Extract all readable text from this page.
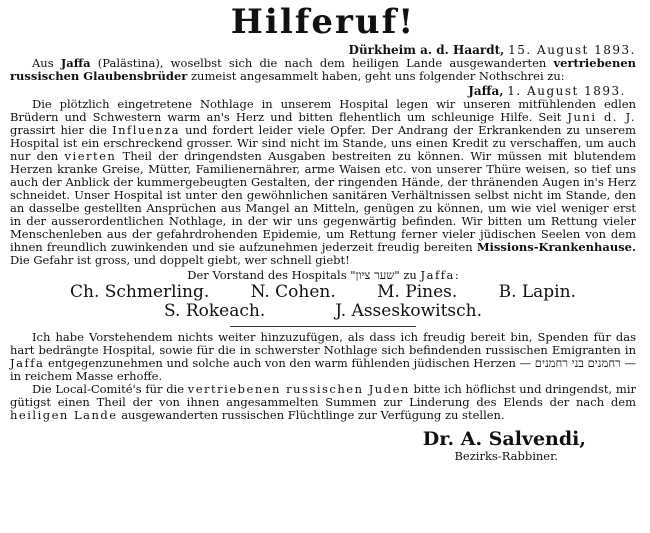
Hilferuf!
Dürkheim a. d. Haardt, 15. August 1893.

Aus Jaffa (Palästina), woselbst sich die nach dem heiligen Lande ausgewanderten vertriebenen russischen Glaubensbrüder zumeist angesammelt haben, geht uns folgender Nothschrei zu:

Jaffa, 1. August 1893.

Die plötzlich eingetretene Nothlage in unserem Hospital legen wir unseren mitfühlenden edlen Brüdern und Schwestern warm an's Herz und bitten flehentlich um schleunige Hilfe. Seit Juni d. J. grassirt hier die Influenza und fordert leider viele Opfer. Der Andrang der Erkrankenden zu unserem Hospital ist ein erschreckend grosser. Wir sind nicht im Stande, uns einen Kredit zu verschaffen, um auch nur den vierten Theil der dringendsten Ausgaben bestreiten zu können. Wir müssen mit blutendem Herzen kranke Greise, Mütter, Familienernährer, arme Waisen etc. von unserer Thüre weisen, so tief uns auch der Anblick der kummergebeugten Gestalten, der ringenden Hände, der thränenden Augen in's Herz schneidet. Unser Hospital ist unter den gewöhnlichen sanitären Verhältnissen selbst nicht im Stande, den an dasselbe gestellten Ansprüchen aus Mangel an Mitteln, genügen zu können, um wie viel weniger erst in der ausserordentlichen Nothlage, in der wir uns gegenwärtig befinden. Wir bitten um Rettung vieler Menschenleben aus der gefahrdrohenden Epidemie, um Rettung ferner vieler jüdischen Seelen von dem ihnen freundlich zuwinkenden und sie aufzunehmen jederzeit freudig bereiten Missions-Krankenhause. Die Gefahr ist gross, und doppelt giebt, wer schnell giebt!

Der Vorstand des Hospitals "שער ציון" zu Jaffa:
Ch. Schmerling. N. Cohen. M. Pines. B. Lapin.
S. Rokeach.	J. Asseskowitsch.

Ich habe Vorstehendem nichts weiter hinzuzufügen, als dass ich freudig bereit bin, Spenden für das hart bedrängte Hospital, sowie für die in schwerster Nothlage sich befindenden russischen Emigranten in Jaffa entgegenzunehmen und solche auch von den warm fühlenden jüdischen Herzen — רחמנים בני רחמנים — in reichem Masse erhoffe.

Die Local-Comité's für die vertriebenen russischen Juden bitte ich höflichst und dringendst, mir gütigst einen Theil der von ihnen angesammelten Summen zur Linderung des Elends der nach dem heiligen Lande ausgewanderten russischen Flüchtlinge zur Verfügung zu stellen.

Dr. A. Salvendi,
Bezirks-Rabbiner.
